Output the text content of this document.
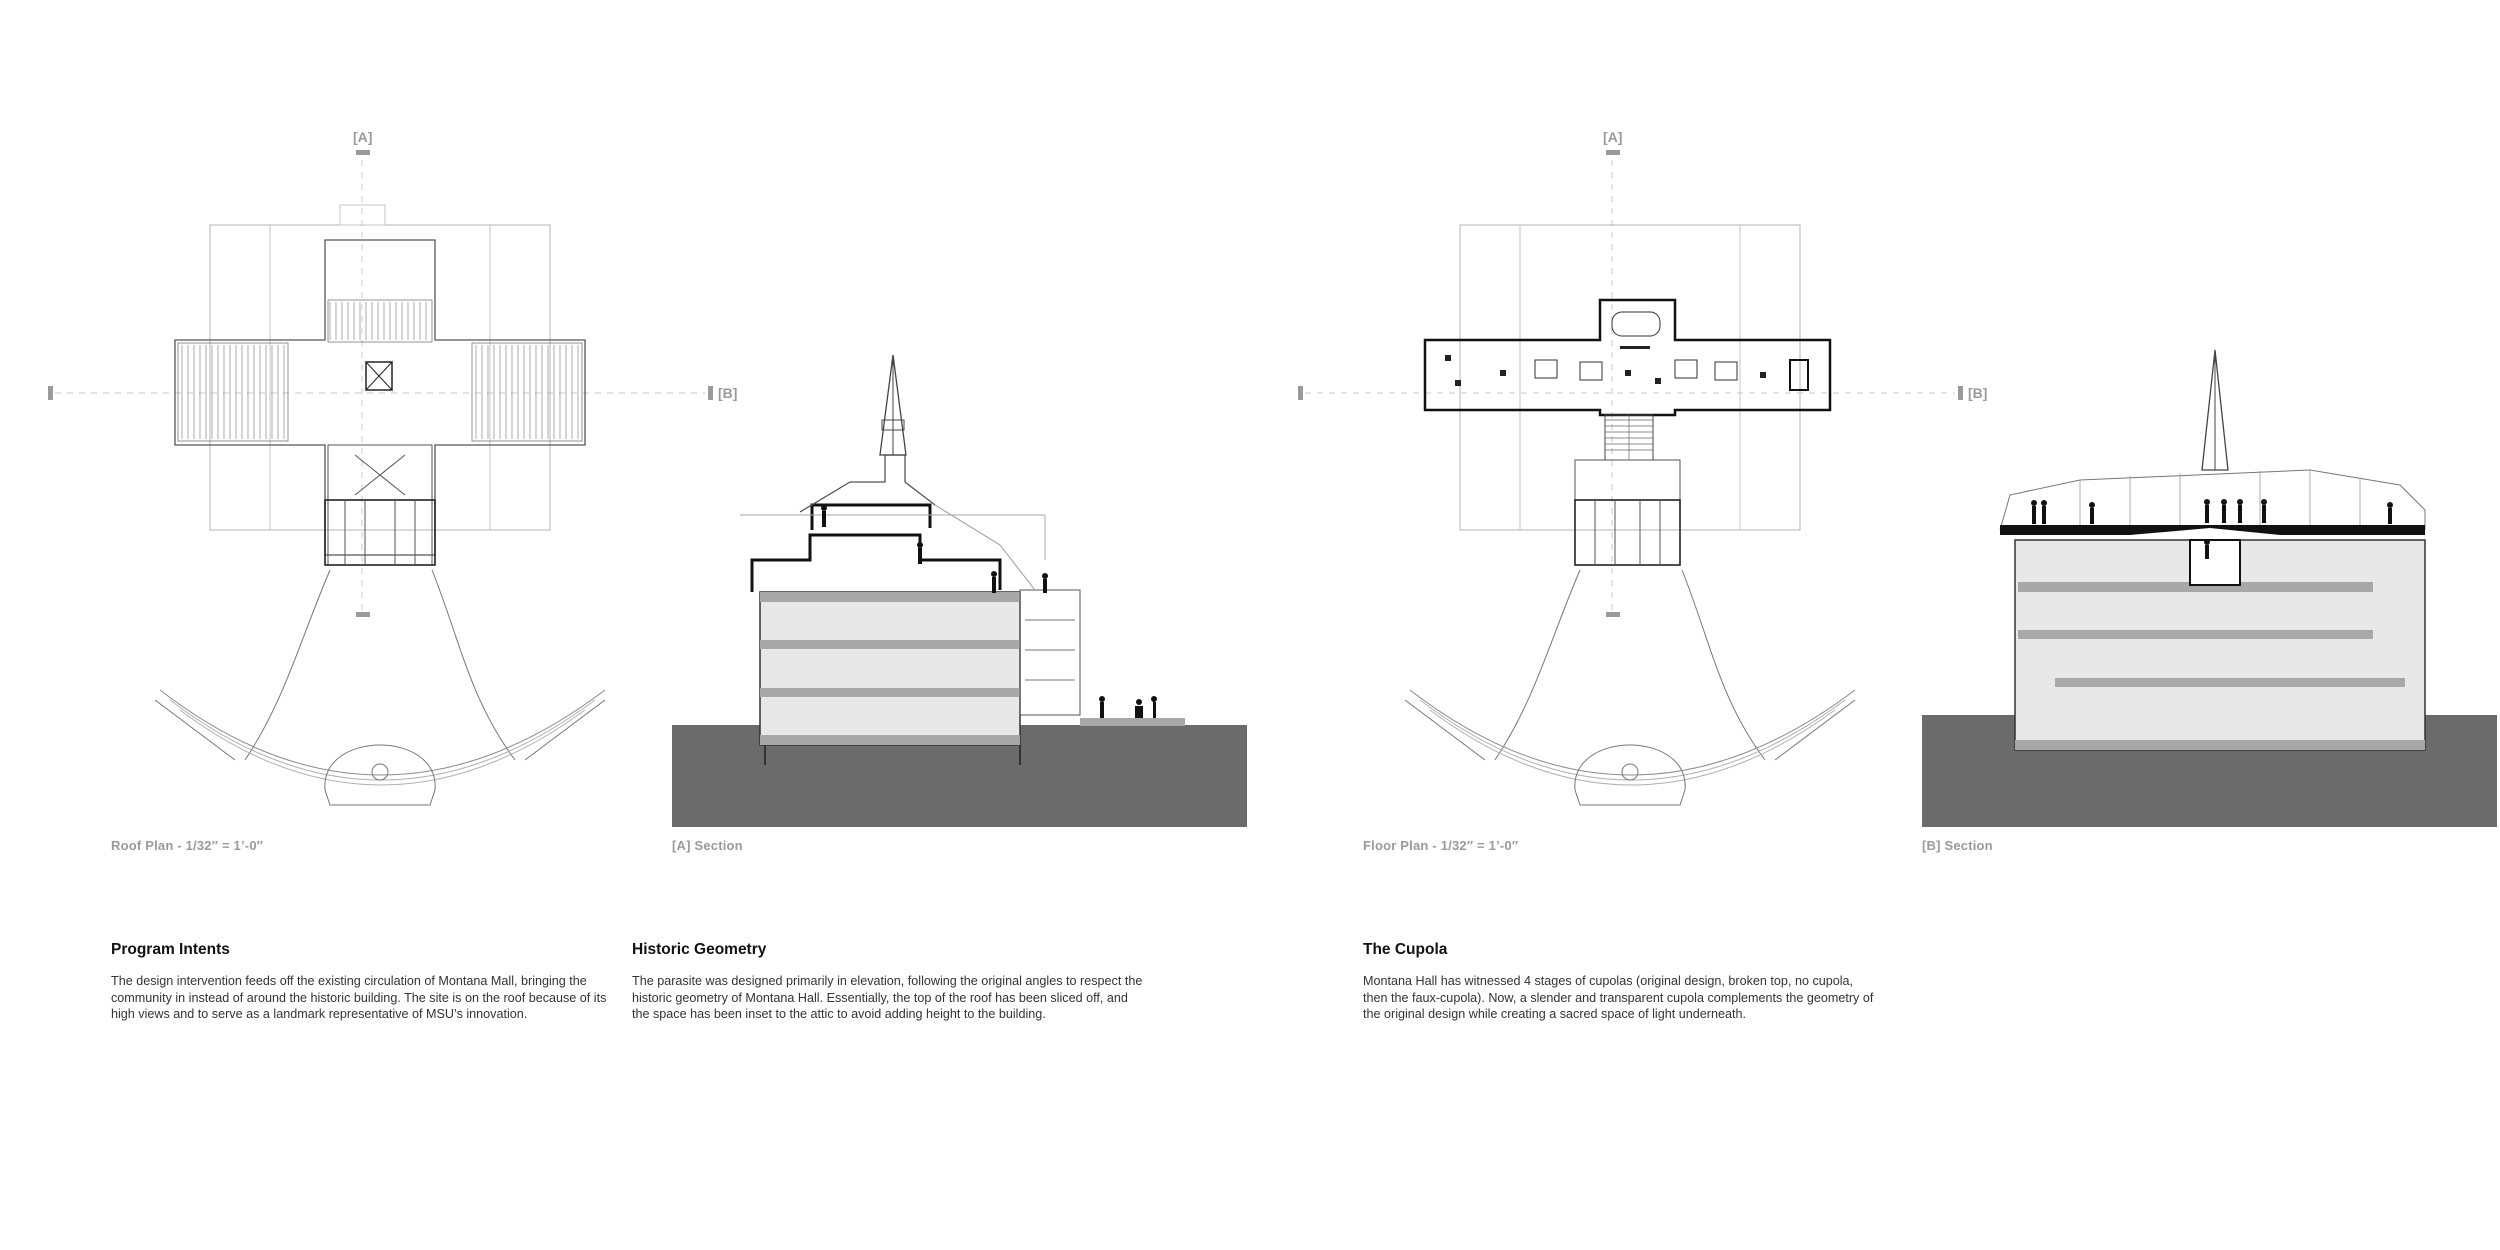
[A]
[B]
[A]
[B]
Roof Plan - 1/32″ = 1’-0″	[A] Section	Floor Plan - 1/32″ = 1’-0″	[B] Section
Program Intents
The design intervention feeds off the existing circulation of Montana Mall, bringing the community in instead of around the historic building. The site is on the roof because of its high views and to serve as a landmark representative of MSU’s innovation.
Historic Geometry
The parasite was designed primarily in elevation, following the original angles to respect the historic geometry of Montana Hall. Essentially, the top of the roof has been sliced off, and the space has been inset to the attic to avoid adding height to the building.
The Cupola
Montana Hall has witnessed 4 stages of cupolas (original design, broken top, no cupola, then the faux-cupola). Now, a slender and transparent cupola complements the geometry of the original design while creating a sacred space of light underneath.
